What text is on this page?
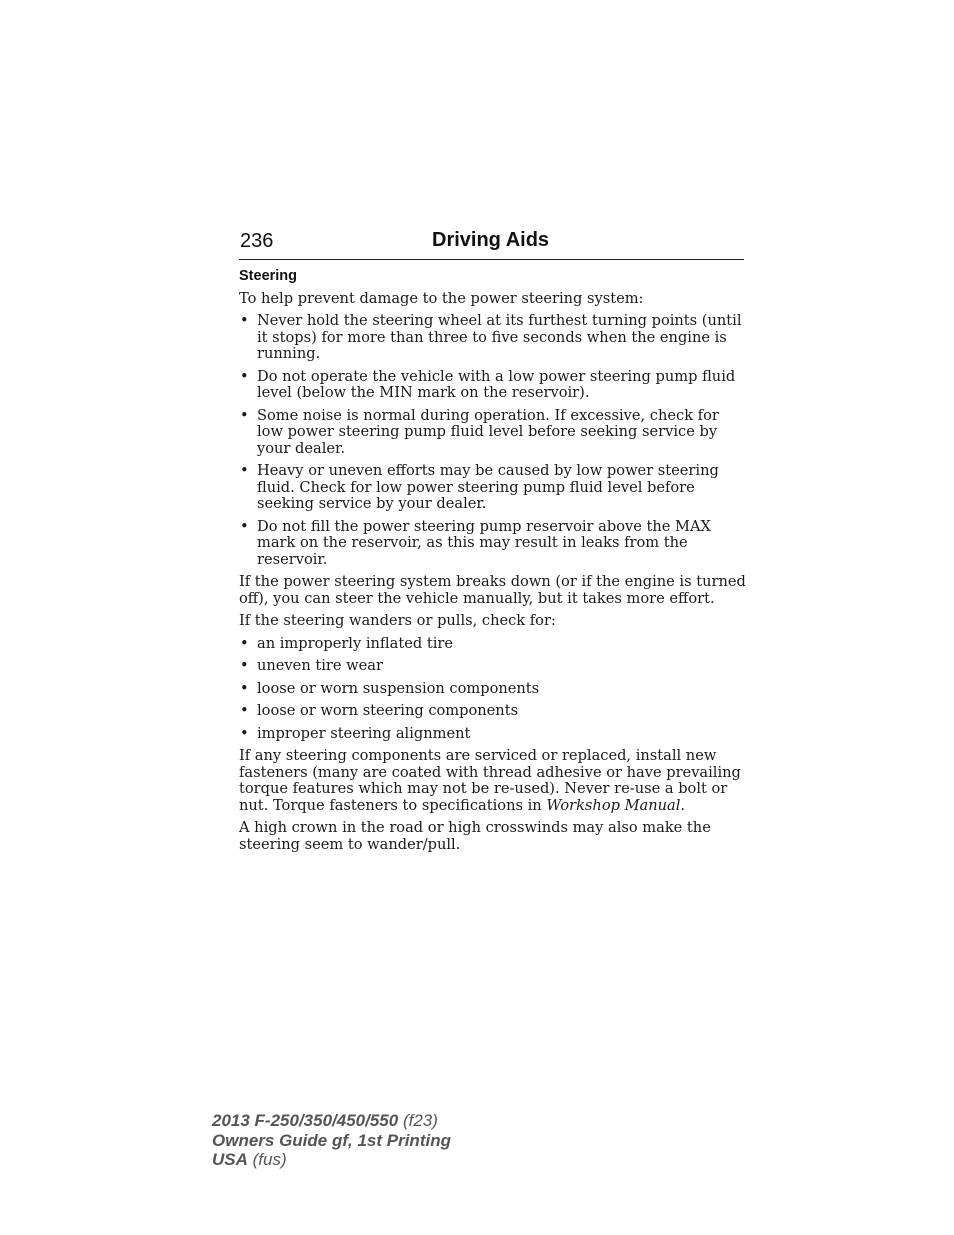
236	Driving Aids
Steering

To help prevent damage to the power steering system:

• Never hold the steering wheel at its furthest turning points (until it stops) for more than three to five seconds when the engine is running.
• Do not operate the vehicle with a low power steering pump fluid level (below the MIN mark on the reservoir).
• Some noise is normal during operation. If excessive, check for low power steering pump fluid level before seeking service by your dealer.
• Heavy or uneven efforts may be caused by low power steering fluid. Check for low power steering pump fluid level before seeking service by your dealer.
• Do not fill the power steering pump reservoir above the MAX mark on the reservoir, as this may result in leaks from the reservoir.

If the power steering system breaks down (or if the engine is turned off), you can steer the vehicle manually, but it takes more effort.

If the steering wanders or pulls, check for:

• an improperly inflated tire
• uneven tire wear
• loose or worn suspension components
• loose or worn steering components
• improper steering alignment

If any steering components are serviced or replaced, install new fasteners (many are coated with thread adhesive or have prevailing torque features which may not be re-used). Never re-use a bolt or nut. Torque fasteners to specifications in Workshop Manual.

A high crown in the road or high crosswinds may also make the steering seem to wander/pull.

2013 F-250/350/450/550 (f23)
Owners Guide gf, 1st Printing
USA (fus)
